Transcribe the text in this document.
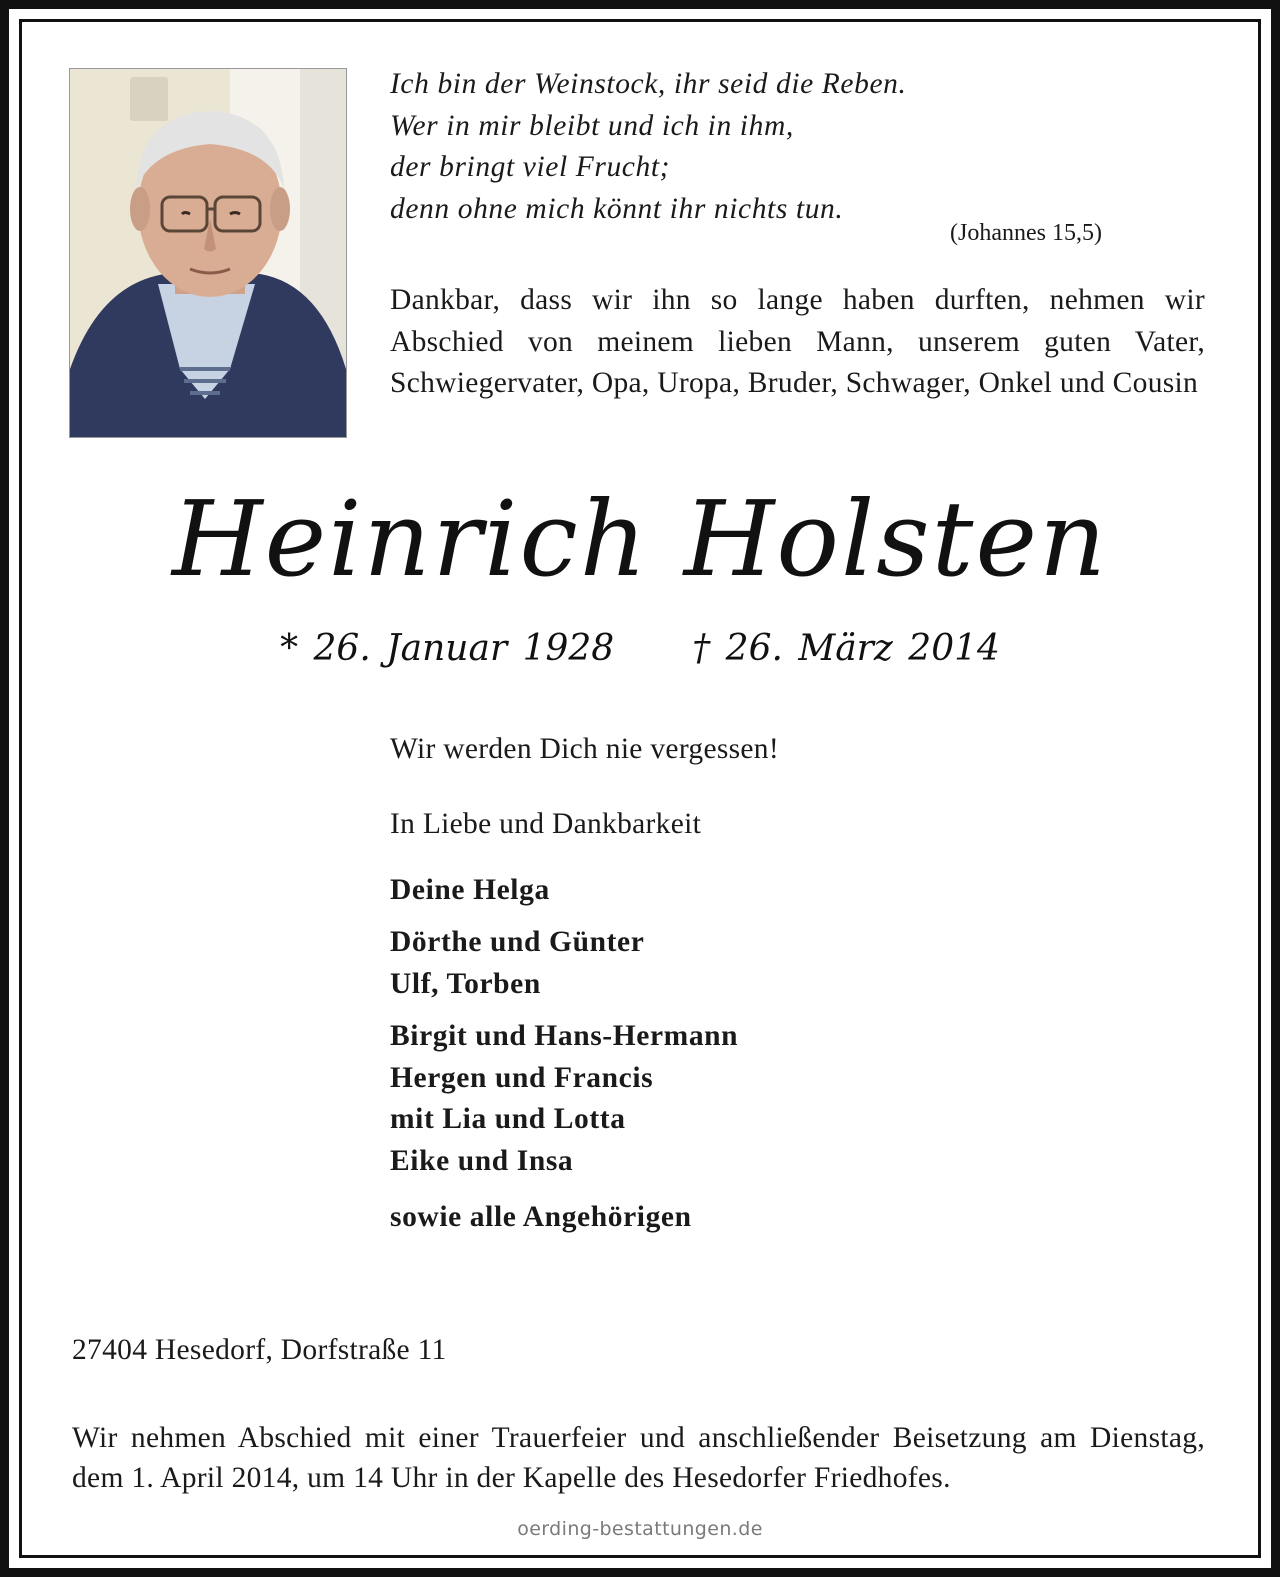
Ich bin der Weinstock, ihr seid die Reben.
Wer in mir bleibt und ich in ihm,
der bringt viel Frucht;
denn ohne mich könnt ihr nichts tun.
(Johannes 15,5)
Dankbar, dass wir ihn so lange haben durften, nehmen wir Abschied von meinem lieben Mann, unserem guten Vater, Schwiegervater, Opa, Uropa, Bruder, Schwager, Onkel und Cousin
Heinrich Holsten
* 26. Januar 1928 † 26. März 2014
Wir werden Dich nie vergessen!
In Liebe und Dankbarkeit
Deine Helga
Dörthe und Günter
Ulf, Torben
Birgit und Hans-Hermann
Hergen und Francis
mit Lia und Lotta
Eike und Insa
sowie alle Angehörigen
27404 Hesedorf, Dorfstraße 11
Wir nehmen Abschied mit einer Trauerfeier und anschließender Beisetzung am Dienstag, dem 1. April 2014, um 14 Uhr in der Kapelle des Hesedorfer Friedhofes.
oerding-bestattungen.de
